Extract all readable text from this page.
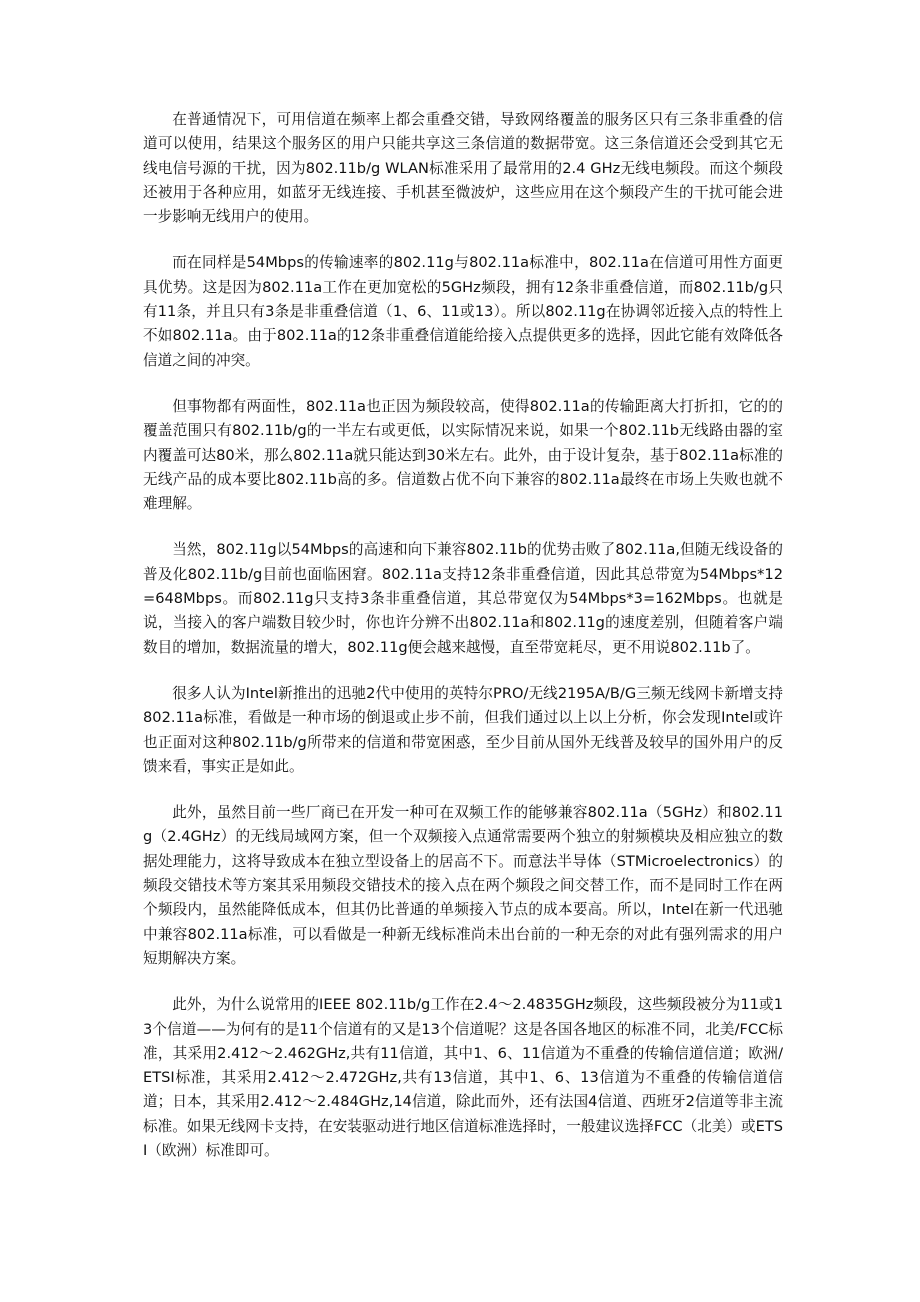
在普通情况下，可用信道在频率上都会重叠交错，导致网络覆盖的服务区只有三条非重叠的信道可以使用，结果这个服务区的用户只能共享这三条信道的数据带宽。这三条信道还会受到其它无线电信号源的干扰，因为802.11b/g WLAN标准采用了最常用的2.4 GHz无线电频段。而这个频段还被用于各种应用，如蓝牙无线连接、手机甚至微波炉，这些应用在这个频段产生的干扰可能会进一步影响无线用户的使用。

而在同样是54Mbps的传输速率的802.11g与802.11a标准中，802.11a在信道可用性方面更具优势。这是因为802.11a工作在更加宽松的5GHz频段，拥有12条非重叠信道，而802.11b/g只有11条，并且只有3条是非重叠信道（1、6、11或13）。所以802.11g在协调邻近接入点的特性上不如802.11a。由于802.11a的12条非重叠信道能给接入点提供更多的选择，因此它能有效降低各信道之间的冲突。

但事物都有两面性，802.11a也正因为频段较高，使得802.11a的传输距离大打折扣，它的的覆盖范围只有802.11b/g的一半左右或更低，以实际情况来说，如果一个802.11b无线路由器的室内覆盖可达80米，那么802.11a就只能达到30米左右。此外，由于设计复杂，基于802.11a标准的无线产品的成本要比802.11b高的多。信道数占优不向下兼容的802.11a最终在市场上失败也就不难理解。

当然，802.11g以54Mbps的高速和向下兼容802.11b的优势击败了802.11a,但随无线设备的普及化802.11b/g目前也面临困窘。802.11a支持12条非重叠信道，因此其总带宽为54Mbps*12=648Mbps。而802.11g只支持3条非重叠信道，其总带宽仅为54Mbps*3=162Mbps。也就是说，当接入的客户端数目较少时，你也许分辨不出802.11a和802.11g的速度差别，但随着客户端数目的增加，数据流量的增大，802.11g便会越来越慢，直至带宽耗尽，更不用说802.11b了。

很多人认为Intel新推出的迅驰2代中使用的英特尔PRO/无线2195A/B/G三频无线网卡新增支持802.11a标准，看做是一种市场的倒退或止步不前，但我们通过以上以上分析，你会发现Intel或许也正面对这种802.11b/g所带来的信道和带宽困惑，至少目前从国外无线普及较早的国外用户的反馈来看，事实正是如此。

此外，虽然目前一些厂商已在开发一种可在双频工作的能够兼容802.11a（5GHz）和802.11g（2.4GHz）的无线局域网方案，但一个双频接入点通常需要两个独立的射频模块及相应独立的数据处理能力，这将导致成本在独立型设备上的居高不下。而意法半导体（STMicroelectronics）的频段交错技术等方案其采用频段交错技术的接入点在两个频段之间交替工作，而不是同时工作在两个频段内，虽然能降低成本，但其仍比普通的单频接入节点的成本要高。所以，Intel在新一代迅驰中兼容802.11a标准，可以看做是一种新无线标准尚未出台前的一种无奈的对此有强列需求的用户短期解决方案。

此外，为什么说常用的IEEE 802.11b/g工作在2.4～2.4835GHz频段，这些频段被分为11或13个信道——为何有的是11个信道有的又是13个信道呢？这是各国各地区的标准不同，北美/FCC标准，其采用2.412～2.462GHz,共有11信道，其中1、6、11信道为不重叠的传输信道信道；欧洲/ETSI标准，其采用2.412～2.472GHz,共有13信道，其中1、6、13信道为不重叠的传输信道信道；日本，其采用2.412～2.484GHz,14信道，除此而外，还有法国4信道、西班牙2信道等非主流标准。如果无线网卡支持，在安装驱动进行地区信道标准选择时，一般建议选择FCC（北美）或ETSI（欧洲）标准即可。
